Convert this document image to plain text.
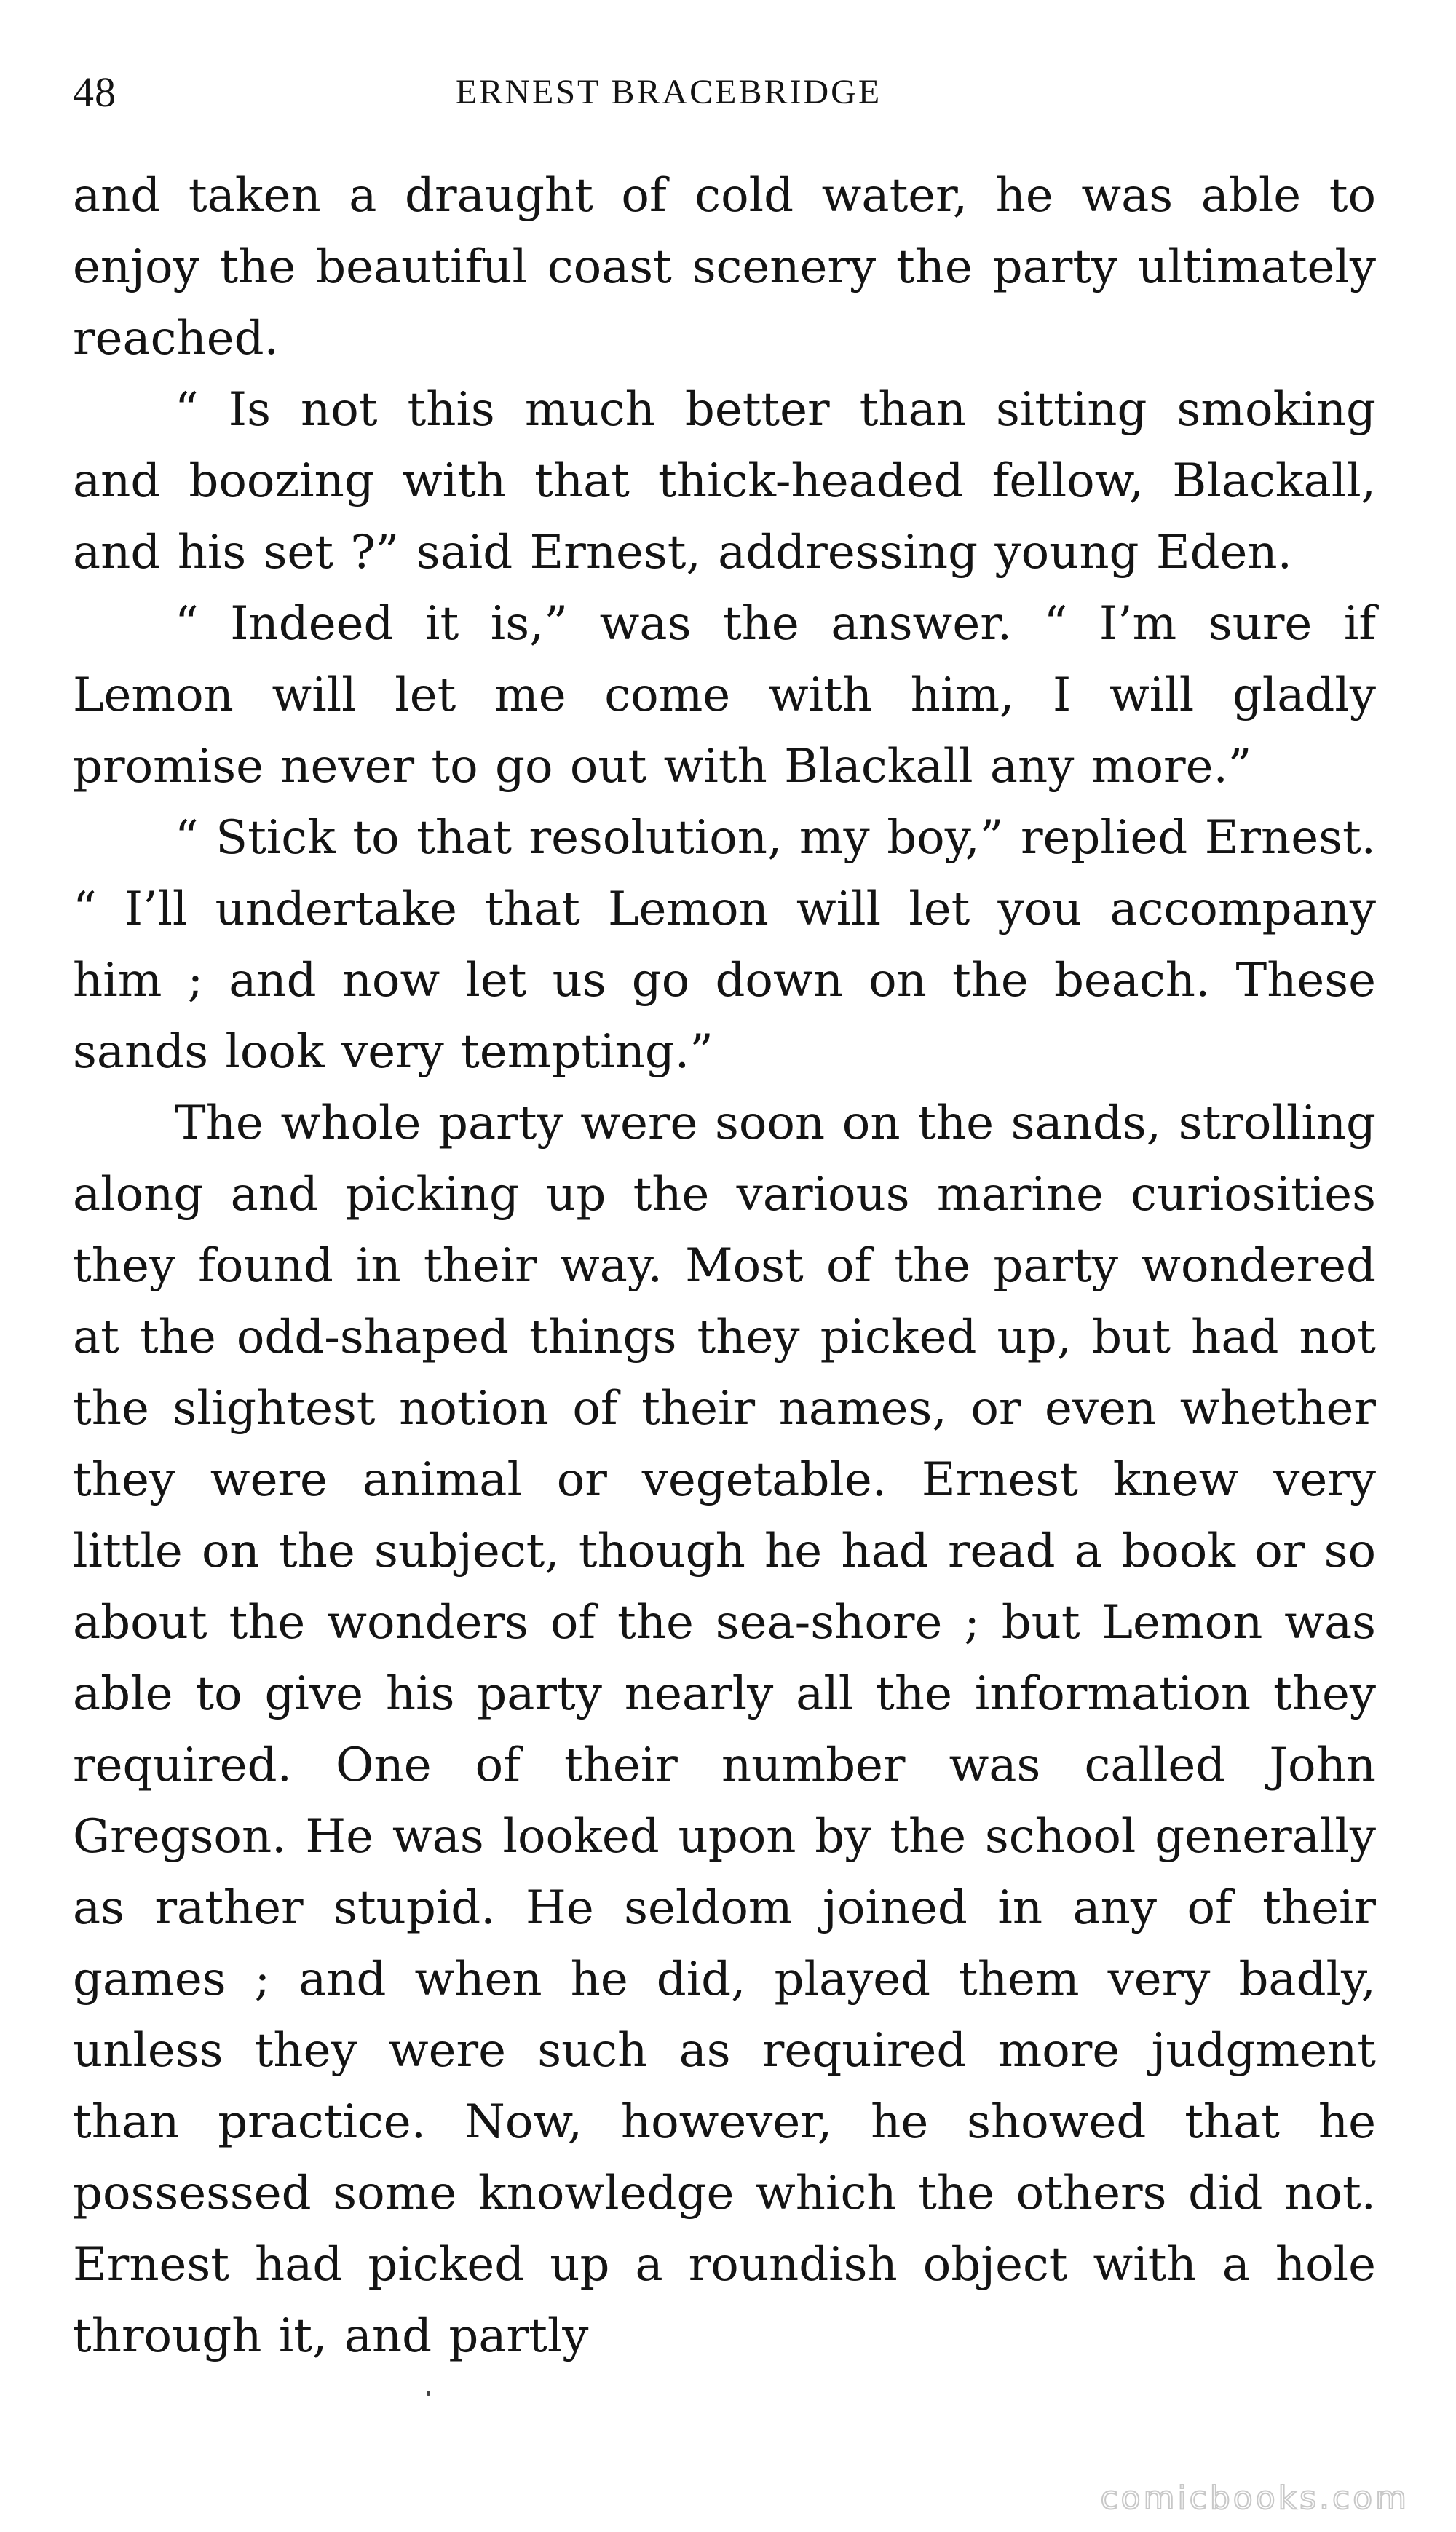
48	ERNEST BRACEBRIDGE

and taken a draught of cold water, he was able to enjoy the beautiful coast scenery the party ultimately reached.

“ Is not this much better than sitting smoking and boozing with that thick-headed fellow, Blackall, and his set ?” said Ernest, addressing young Eden.

“ Indeed it is,” was the answer. “ I’m sure if Lemon will let me come with him, I will gladly promise never to go out with Blackall any more.”

“ Stick to that resolution, my boy,” replied Ernest. “ I’ll undertake that Lemon will let you accompany him ; and now let us go down on the beach. These sands look very tempting.”

The whole party were soon on the sands, strolling along and picking up the various marine curiosities they found in their way. Most of the party wondered at the odd-shaped things they picked up, but had not the slightest notion of their names, or even whether they were animal or vegetable. Ernest knew very little on the subject, though he had read a book or so about the wonders of the sea-shore ; but Lemon was able to give his party nearly all the information they required. One of their number was called John Gregson. He was looked upon by the school generally as rather stupid. He seldom joined in any of their games ; and when he did, played them very badly, unless they were such as required more judgment than practice. Now, however, he showed that he possessed some knowledge which the others did not. Ernest had picked up a roundish object with a hole through it, and partly

comicbooks.com
